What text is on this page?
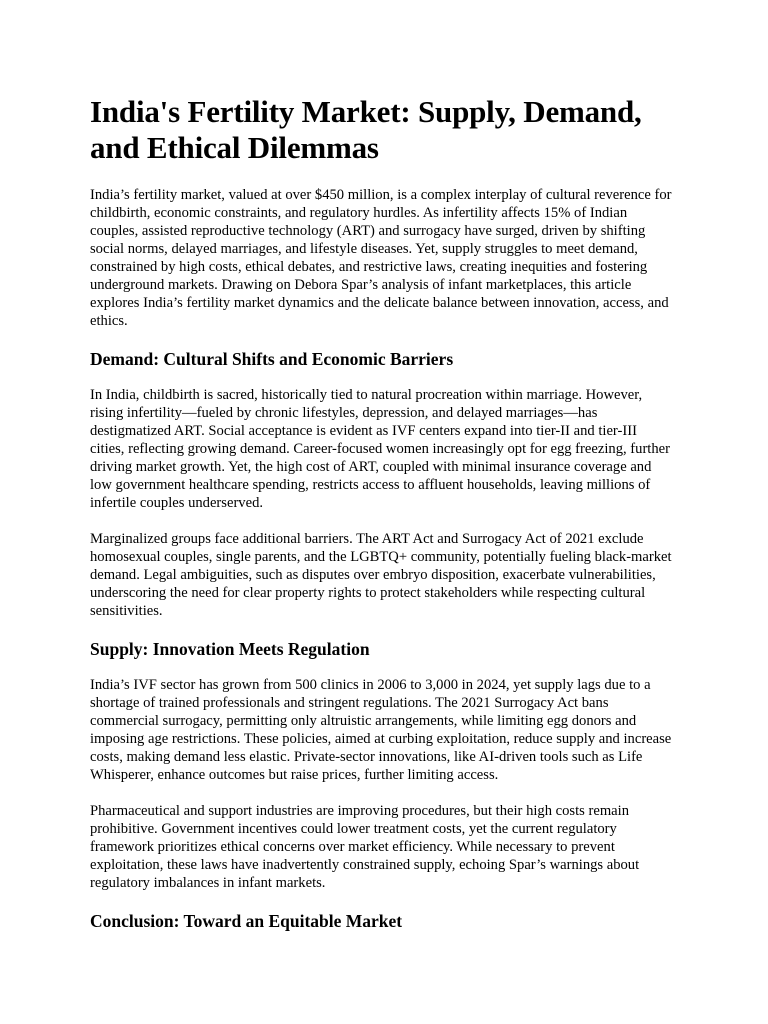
India's Fertility Market: Supply, Demand, and Ethical Dilemmas

India’s fertility market, valued at over $450 million, is a complex interplay of cultural reverence for childbirth, economic constraints, and regulatory hurdles. As infertility affects 15% of Indian couples, assisted reproductive technology (ART) and surrogacy have surged, driven by shifting social norms, delayed marriages, and lifestyle diseases. Yet, supply struggles to meet demand, constrained by high costs, ethical debates, and restrictive laws, creating inequities and fostering underground markets. Drawing on Debora Spar’s analysis of infant marketplaces, this article explores India’s fertility market dynamics and the delicate balance between innovation, access, and ethics.

Demand: Cultural Shifts and Economic Barriers

In India, childbirth is sacred, historically tied to natural procreation within marriage. However, rising infertility—fueled by chronic lifestyles, depression, and delayed marriages—has destigmatized ART. Social acceptance is evident as IVF centers expand into tier-II and tier-III cities, reflecting growing demand. Career-focused women increasingly opt for egg freezing, further driving market growth. Yet, the high cost of ART, coupled with minimal insurance coverage and low government healthcare spending, restricts access to affluent households, leaving millions of infertile couples underserved.

Marginalized groups face additional barriers. The ART Act and Surrogacy Act of 2021 exclude homosexual couples, single parents, and the LGBTQ+ community, potentially fueling black-market demand. Legal ambiguities, such as disputes over embryo disposition, exacerbate vulnerabilities, underscoring the need for clear property rights to protect stakeholders while respecting cultural sensitivities.

Supply: Innovation Meets Regulation

India’s IVF sector has grown from 500 clinics in 2006 to 3,000 in 2024, yet supply lags due to a shortage of trained professionals and stringent regulations. The 2021 Surrogacy Act bans commercial surrogacy, permitting only altruistic arrangements, while limiting egg donors and imposing age restrictions. These policies, aimed at curbing exploitation, reduce supply and increase costs, making demand less elastic. Private-sector innovations, like AI-driven tools such as Life Whisperer, enhance outcomes but raise prices, further limiting access.

Pharmaceutical and support industries are improving procedures, but their high costs remain prohibitive. Government incentives could lower treatment costs, yet the current regulatory framework prioritizes ethical concerns over market efficiency. While necessary to prevent exploitation, these laws have inadvertently constrained supply, echoing Spar’s warnings about regulatory imbalances in infant markets.

Conclusion: Toward an Equitable Market
